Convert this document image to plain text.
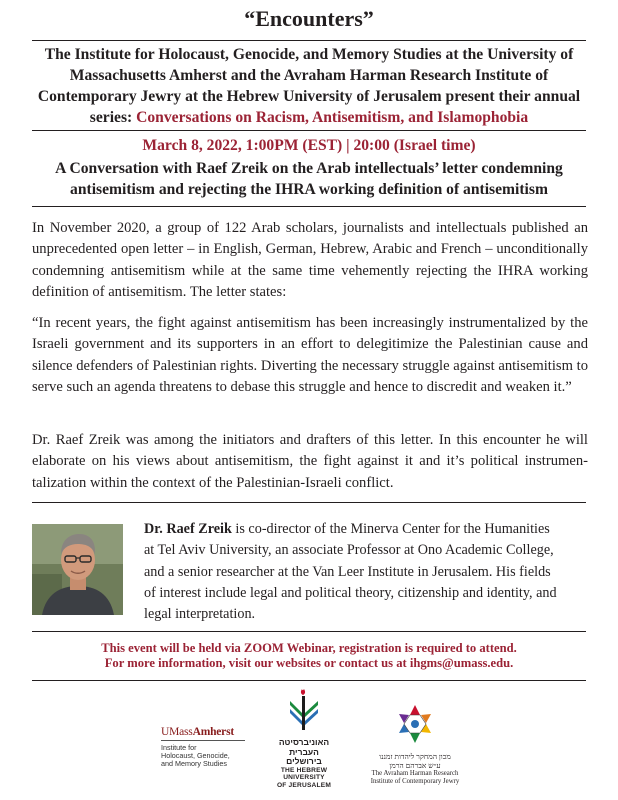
“Encounters”
The Institute for Holocaust, Genocide, and Memory Studies at the University of Massachusetts Amherst and the Avraham Harman Research Institute of Contemporary Jewry at the Hebrew University of Jerusalem present their annual series: Conversations on Racism, Antisemitism, and Islamophobia
March 8, 2022, 1:00PM (EST) | 20:00 (Israel time)
A Conversation with Raef Zreik on the Arab intellectuals’ letter condemning antisemitism and rejecting the IHRA working definition of antisemitism
In November 2020, a group of 122 Arab scholars, journalists and intellectuals published an unprecedented open letter – in English, German, Hebrew, Arabic and French – unconditionally condemning antisemitism while at the same time vehemently rejecting the IHRA working definition of antisemitism. The letter states:
“In recent years, the fight against antisemitism has been increasingly instrumentalized by the Israeli government and its supporters in an effort to delegitimize the Palestinian cause and silence defenders of Palestinian rights. Diverting the necessary struggle against antisemitism to serve such an agenda threatens to debase this struggle and hence to discredit and weaken it.”
Dr. Raef Zreik was among the initiators and drafters of this letter. In this encounter he will elaborate on his views about antisemitism, the fight against it and it’s political instrumentalization within the context of the Palestinian-Israeli conflict.
Dr. Raef Zreik is co-director of the Minerva Center for the Humanities at Tel Aviv University, an associate Professor at Ono Academic College, and a senior researcher at the Van Leer Institute in Jerusalem. His fields of interest include legal and political theory, citizenship and identity, and legal interpretation.
This event will be held via ZOOM Webinar, registration is required to attend.
For more information, visit our websites or contact us at ihgms@umass.edu.
UMassAmherst
Institute for
Holocaust, Genocide,
and Memory Studies
האוניברסיטה
העברית
בירושלים
THE HEBREW
UNIVERSITY
OF JERUSALEM
מכון המחקר ליהדות זמננו
ע״ש אברהם הרמן
The Avraham Harman Research
Institute of Contemporary Jewry
